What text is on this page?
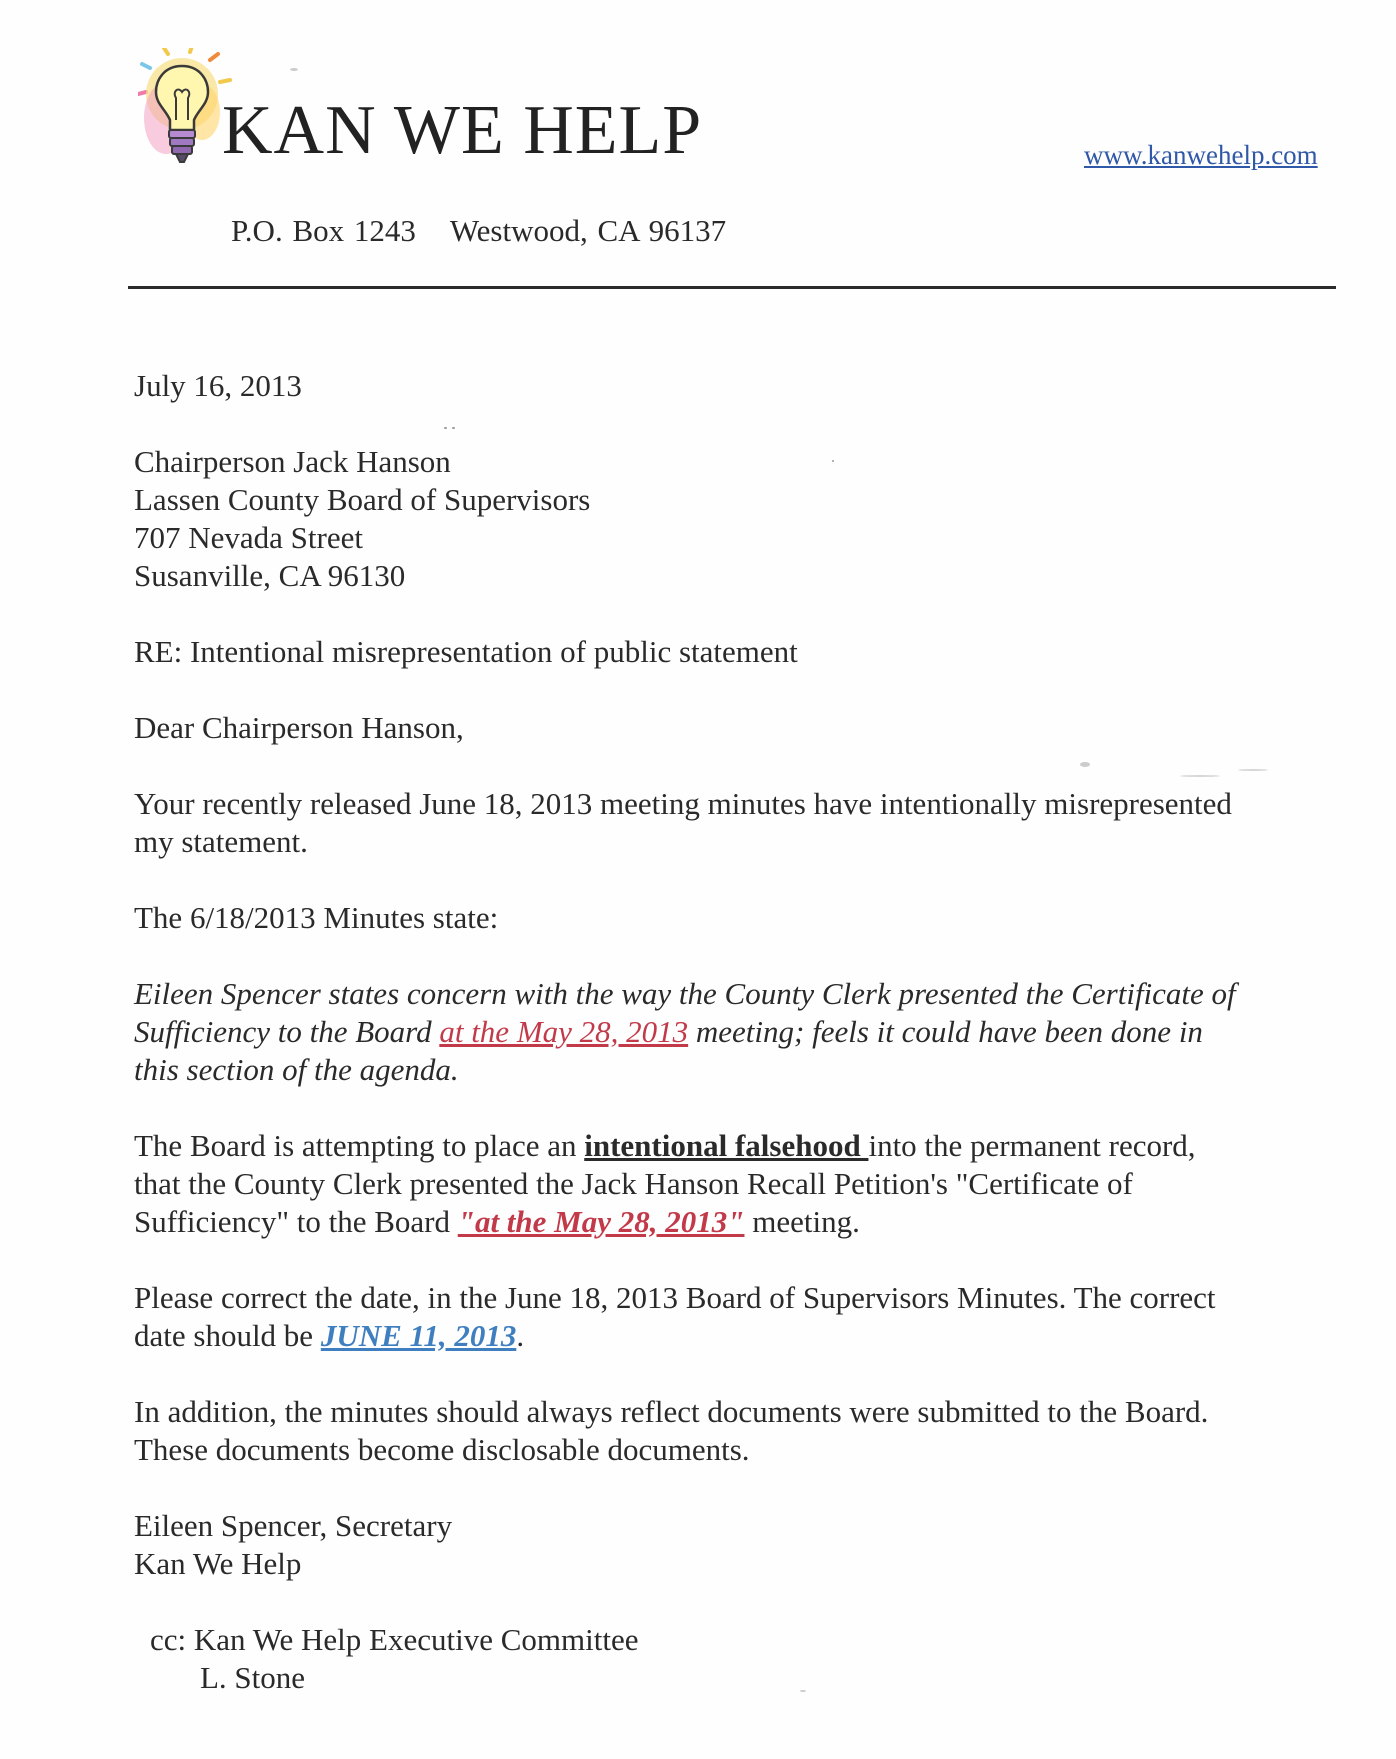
KAN WE HELP	www.kanwehelp.com
P.O. Box 1243 Westwood, CA 96137
July 16, 2013
Chairperson Jack Hanson
Lassen County Board of Supervisors
707 Nevada Street
Susanville, CA 96130
RE: Intentional misrepresentation of public statement
Dear Chairperson Hanson,
Your recently released June 18, 2013 meeting minutes have intentionally misrepresented
my statement.
The 6/18/2013 Minutes state:
Eileen Spencer states concern with the way the County Clerk presented the Certificate of
Sufficiency to the Board at the May 28, 2013 meeting; feels it could have been done in
this section of the agenda.
The Board is attempting to place an intentional falsehood into the permanent record,
that the County Clerk presented the Jack Hanson Recall Petition's "Certificate of
Sufficiency" to the Board "at the May 28, 2013" meeting.
Please correct the date, in the June 18, 2013 Board of Supervisors Minutes. The correct
date should be JUNE 11, 2013.
In addition, the minutes should always reflect documents were submitted to the Board.
These documents become disclosable documents.
Eileen Spencer, Secretary
Kan We Help
cc: Kan We Help Executive Committee
L. Stone
